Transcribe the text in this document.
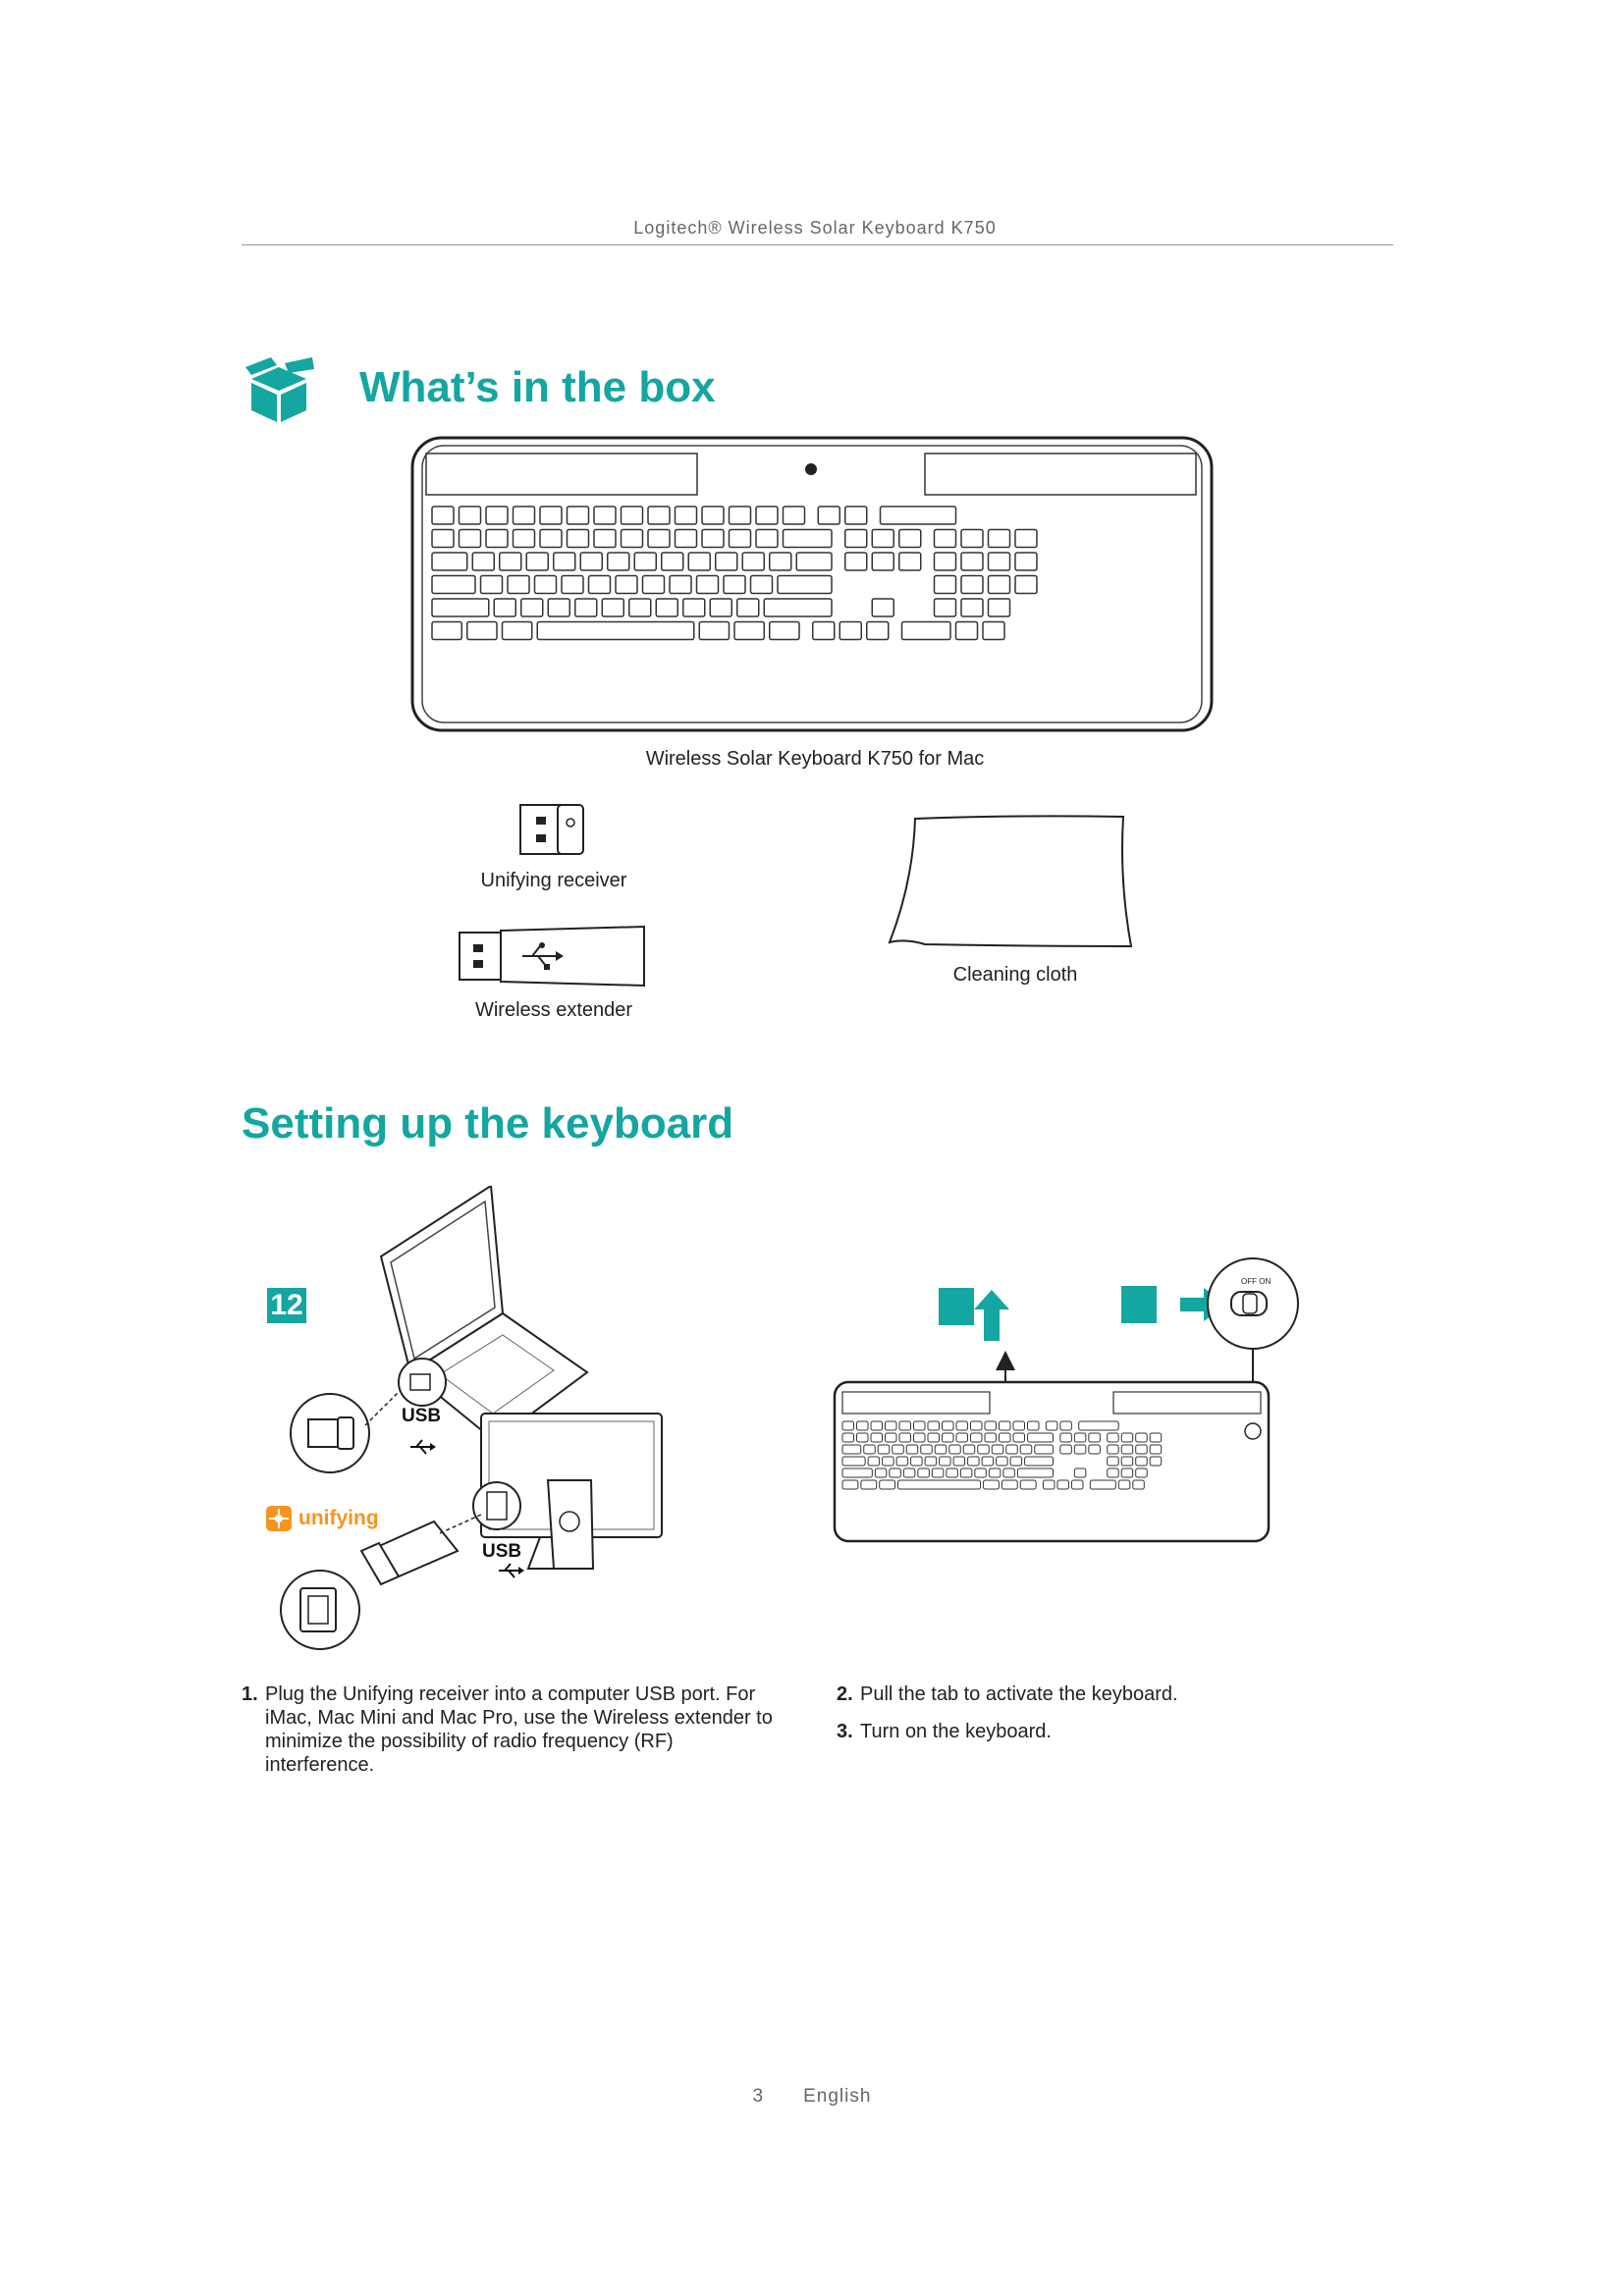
Logitech® Wireless Solar Keyboard K750
What’s in the box
Wireless Solar Keyboard K750 for Mac
Unifying receiver
Wireless extender
Cleaning cloth
Setting up the keyboard
12
USB
USB
unifying
OFF ON
1. Plug the Unifying receiver into a computer USB port. For iMac, Mac Mini and Mac Pro, use the Wireless extender to minimize the possibility of radio frequency (RF) interference.
2. Pull the tab to activate the keyboard.
3. Turn on the keyboard.
3 English
